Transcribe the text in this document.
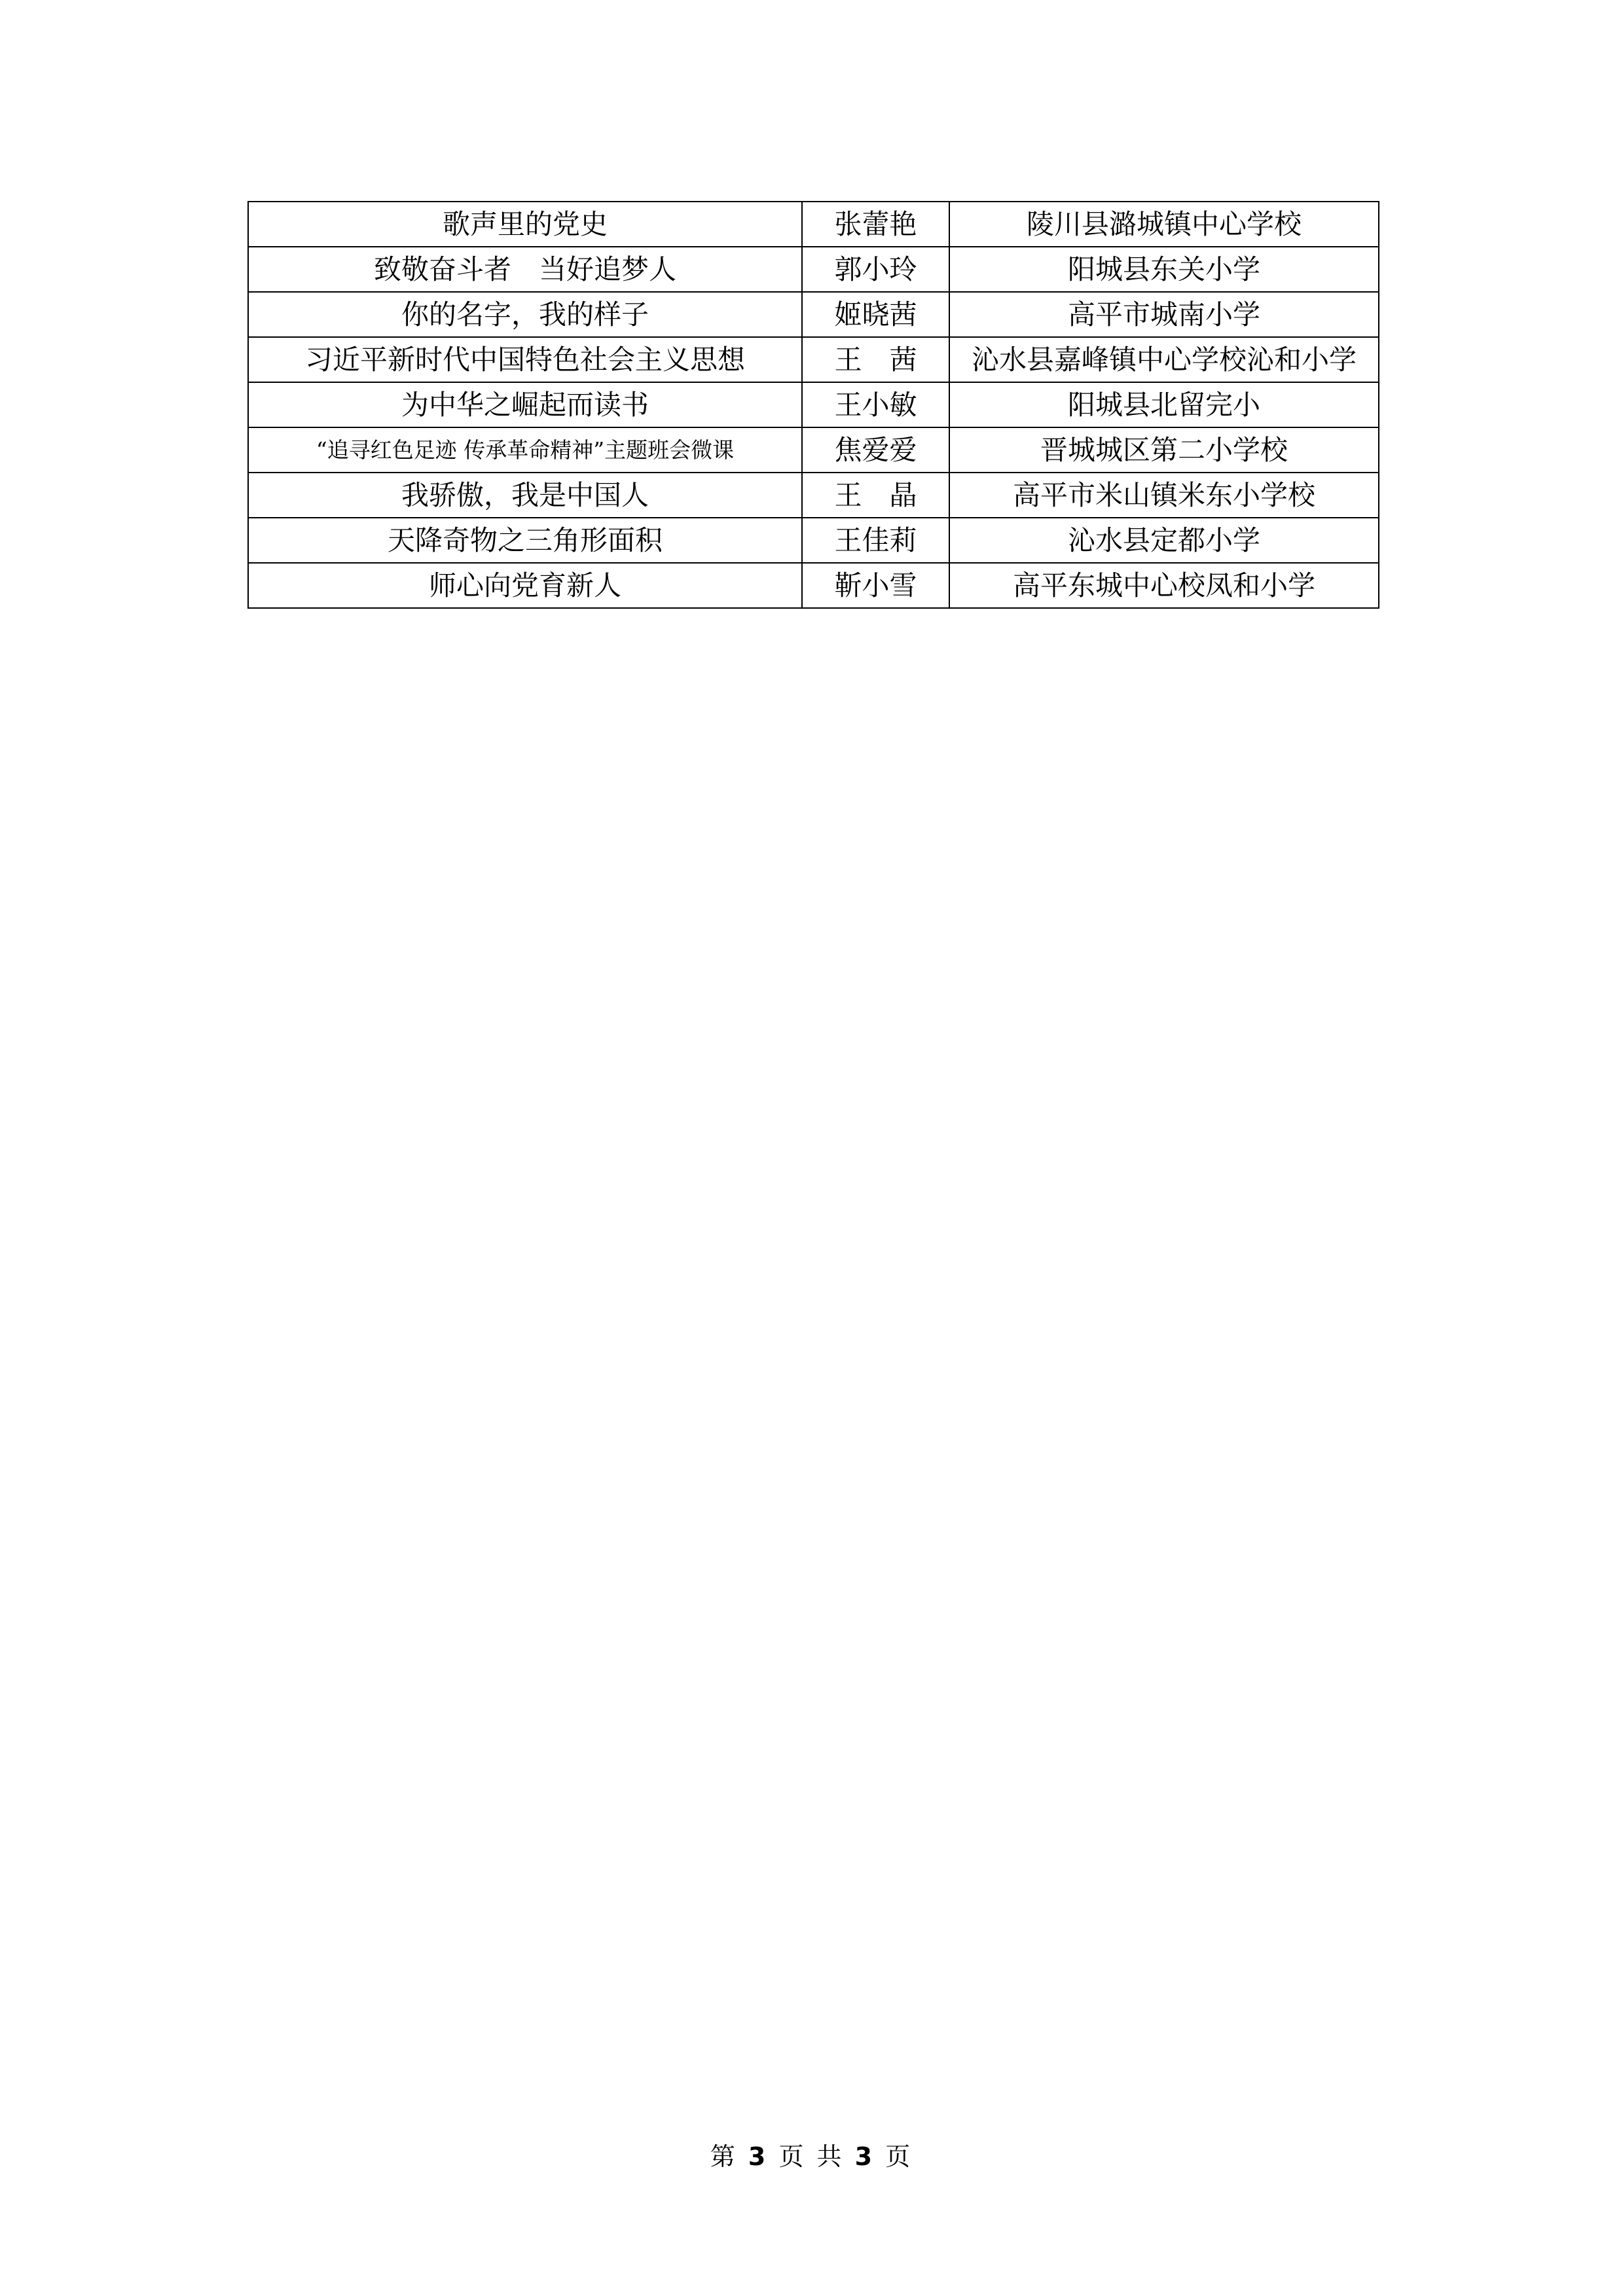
歌声里的党史	张蕾艳	陵川县潞城镇中心学校
致敬奋斗者　当好追梦人	郭小玲	阳城县东关小学
你的名字，我的样子	姬晓茜	高平市城南小学
习近平新时代中国特色社会主义思想	王　茜	沁水县嘉峰镇中心学校沁和小学
为中华之崛起而读书	王小敏	阳城县北留完小
“追寻红色足迹 传承革命精神”主题班会微课	焦爱爱	晋城城区第二小学校
我骄傲，我是中国人	王　晶	高平市米山镇米东小学校
天降奇物之三角形面积	王佳莉	沁水县定都小学
师心向党育新人	靳小雪	高平东城中心校凤和小学
第 3 页 共 3 页
